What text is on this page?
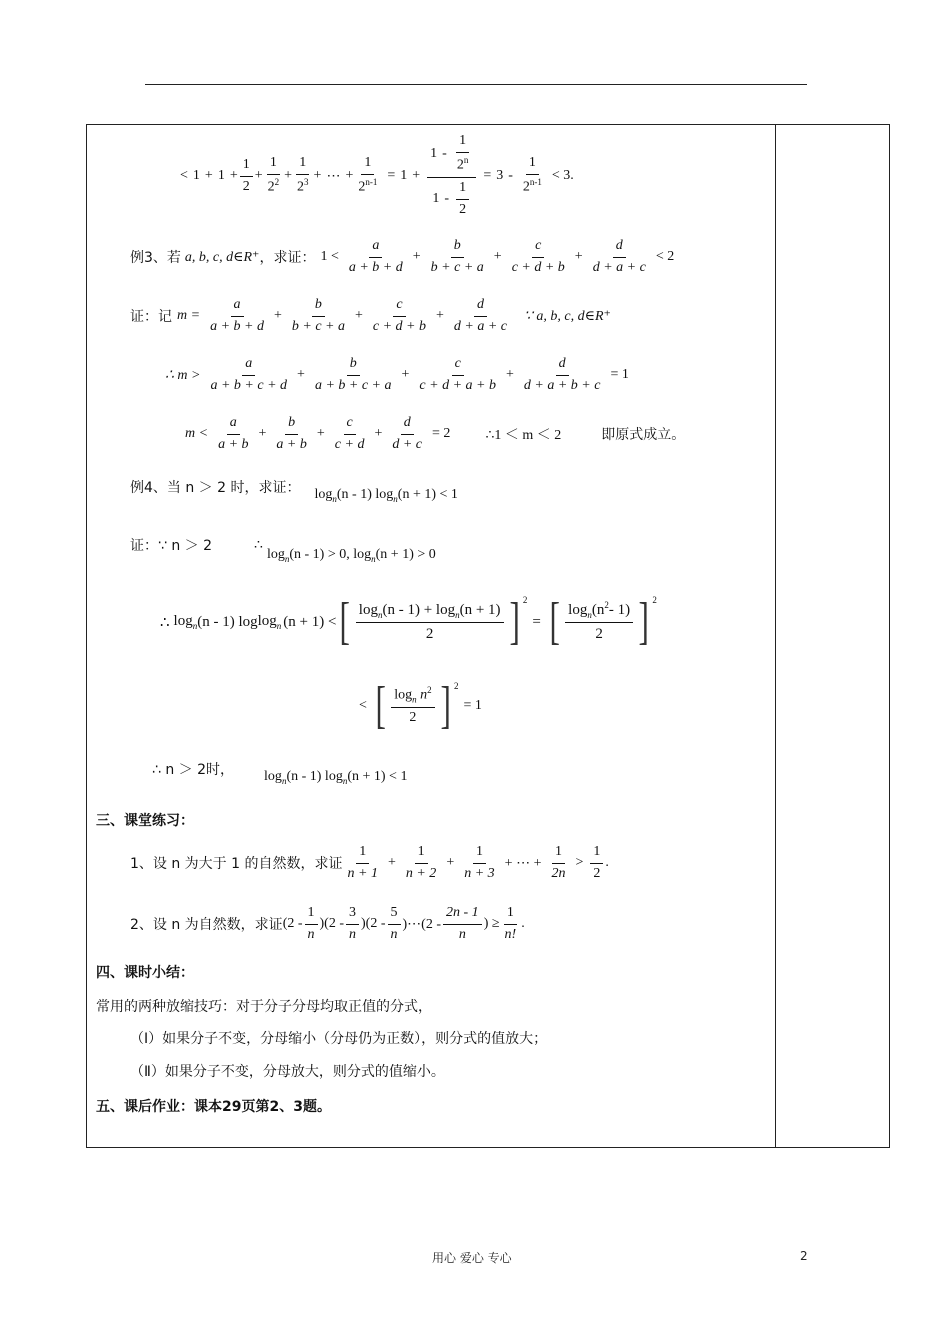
< $1 + 1 + \frac{1}{2} + \frac{1}{2^2} + \frac{1}{2^3}$ + ⋯ + $\frac{1}{2^{n-1}} = 1 + \frac{1 - \frac{1}{2^n}}{1 - \frac{1}{2}} = 3 - \frac{1}{2^{n-1}} < 3$.
例3、若 a, b, c, d∈R⁺ ，求证： $1 < \frac{a}{a + b + d} + \frac{b}{b + c + a} + \frac{c}{c + d + b} + \frac{d}{d + a + c} < 2$
证：记 $m = \frac{a}{a + b + d} + \frac{b}{b + c + a} + \frac{c}{c + d + b} + \frac{d}{d + a + c}$ ∵ a, b, c, d∈R⁺
∴ $m > \frac{a}{a + b + c + d} + \frac{b}{a + b + c + a} + \frac{c}{c + d + a + b} + \frac{d}{d + a + b + c} = 1$
$m < \frac{a}{a + b} + \frac{b}{a + b} + \frac{c}{c + d} + \frac{d}{d + c} = 2$	∴1 ＜ m ＜ 2	即原式成立。
例4、当 n ＞ 2 时，求证： $\log_n(n - 1) \log_n(n + 1) < 1$
证：∵ n ＞ 2	∴
$\log_n(n - 1) > 0$, $\log_n(n + 1) > 0$
∴ $\log_n (n - 1)$ $\log \log_n (n + 1)$ < [ $\frac{\log_n(n - 1) + \log_n(n + 1)}{2}$ ] $^2$
= [ $\frac{\log_n(n^2- 1)}{2}$ ] $^2$
< [ $\frac{\log_n n^2}{2}$ ] $^2$
= 1
∴ n ＞ 2时， $\log_n(n - 1) \log_n(n + 1) < 1$
三、课堂练习：
1、设 n 为大于 1 的自然数，求证 $\frac{1}{n + 1} + \frac{1}{n + 2} + \frac{1}{n + 3}$ + ⋯ + $\frac{1}{2n} > \frac{1}{2}$ .
2、设 n 为自然数，求证 $(2 - \frac{1}{n} )(2 - \frac{3}{n} )(2 - \frac{5}{n}$ )⋯(2 - $\frac{2n - 1}{n}$ ) ≥ $\frac{1}{n!}$ .
四、课时小结：
常用的两种放缩技巧：对于分子分母均取正值的分式，
（Ⅰ）如果分子不变，分母缩小（分母仍为正数），则分式的值放大；
（Ⅱ）如果分子不变，分母放大，则分式的值缩小。
五、课后作业：课本29页第2、3题。
用心 爱心 专心	2
